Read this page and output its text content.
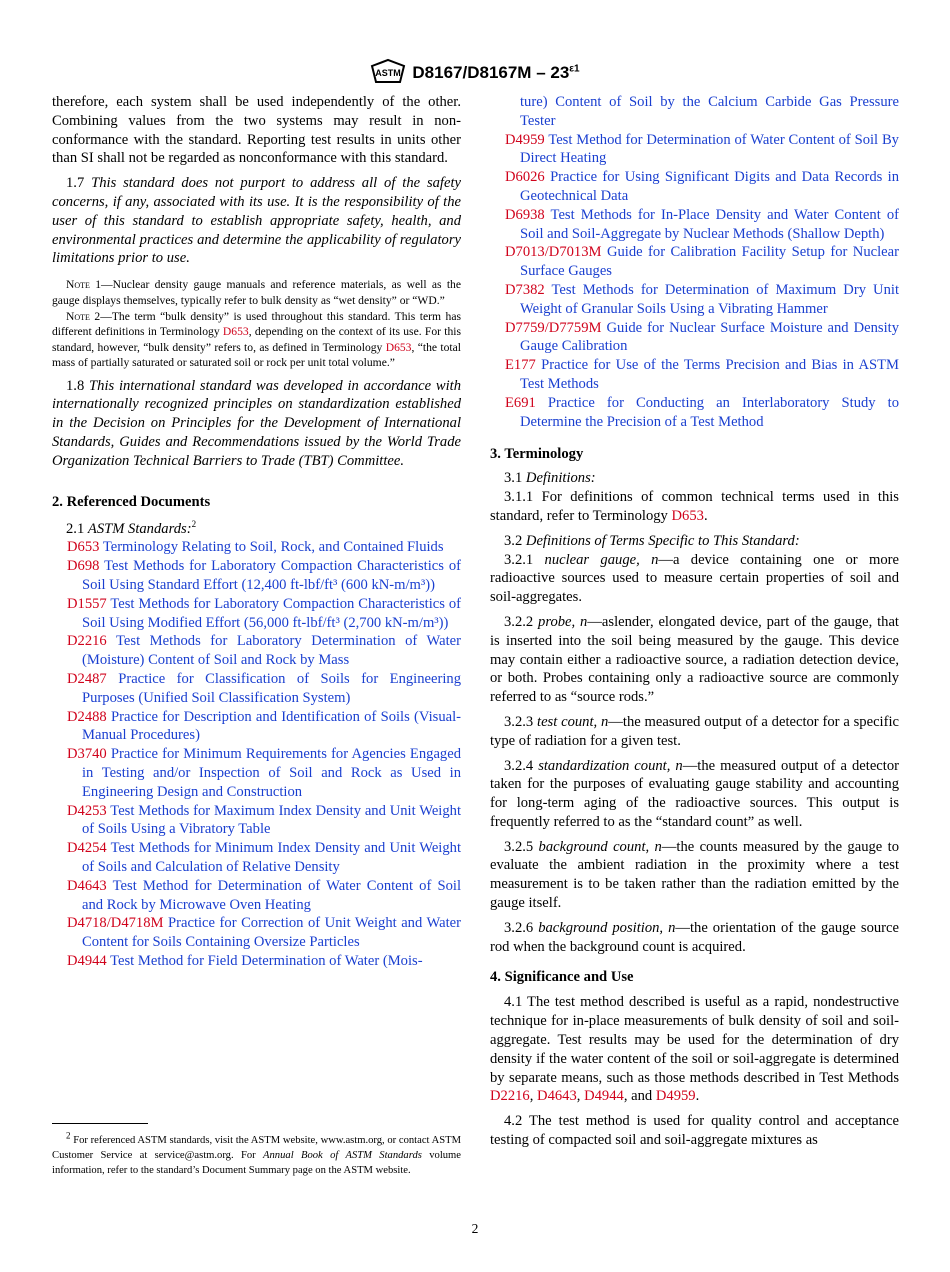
ASTM $D8167/D8167M - 23^{\varepsilon 1}$

therefore, each system shall be used independently of the other. Combining values from the two systems may result in non-conformance with the standard. Reporting test results in units other than SI shall not be regarded as nonconformance with this standard.

1.7 This standard does not purport to address all of the safety concerns, if any, associated with its use. It is the responsibility of the user of this standard to establish appropriate safety, health, and environmental practices and determine the applicability of regulatory limitations prior to use.

Note 1—Nuclear density gauge manuals and reference materials, as well as the gauge displays themselves, typically refer to bulk density as “wet density” or “WD.”

Note 2—The term “bulk density” is used throughout this standard. This term has different definitions in Terminology D653, depending on the context of its use. For this standard, however, “bulk density” refers to, as defined in Terminology D653, “the total mass of partially saturated or saturated soil or rock per unit total volume.”

1.8 This international standard was developed in accordance with internationally recognized principles on standardization established in the Decision on Principles for the Development of International Standards, Guides and Recommendations issued by the World Trade Organization Technical Barriers to Trade (TBT) Committee.

2. Referenced Documents

2.1 ASTM Standards:$^2$

D653 Terminology Relating to Soil, Rock, and Contained Fluids

D698 Test Methods for Laboratory Compaction Characteristics of Soil Using Standard Effort (12,400 ft-lbf/ft³ (600 kN-m/m³))

D1557 Test Methods for Laboratory Compaction Characteristics of Soil Using Modified Effort (56,000 ft-lbf/ft³ (2,700 kN-m/m³))

D2216 Test Methods for Laboratory Determination of Water (Moisture) Content of Soil and Rock by Mass

D2487 Practice for Classification of Soils for Engineering Purposes (Unified Soil Classification System)

D2488 Practice for Description and Identification of Soils (Visual-Manual Procedures)

D3740 Practice for Minimum Requirements for Agencies Engaged in Testing and/or Inspection of Soil and Rock as Used in Engineering Design and Construction

D4253 Test Methods for Maximum Index Density and Unit Weight of Soils Using a Vibratory Table

D4254 Test Methods for Minimum Index Density and Unit Weight of Soils and Calculation of Relative Density

D4643 Test Method for Determination of Water Content of Soil and Rock by Microwave Oven Heating

D4718/D4718M Practice for Correction of Unit Weight and Water Content for Soils Containing Oversize Particles

D4944 Test Method for Field Determination of Water (Mois-

$^2$ For referenced ASTM standards, visit the ASTM website, www.astm.org, or contact ASTM Customer Service at service@astm.org. For Annual Book of ASTM Standards volume information, refer to the standard’s Document Summary page on the ASTM website.

ture) Content of Soil by the Calcium Carbide Gas Pressure Tester

D4959 Test Method for Determination of Water Content of Soil By Direct Heating

D6026 Practice for Using Significant Digits and Data Records in Geotechnical Data

D6938 Test Methods for In-Place Density and Water Content of Soil and Soil-Aggregate by Nuclear Methods (Shallow Depth)

D7013/D7013M Guide for Calibration Facility Setup for Nuclear Surface Gauges

D7382 Test Methods for Determination of Maximum Dry Unit Weight of Granular Soils Using a Vibrating Hammer

D7759/D7759M Guide for Nuclear Surface Moisture and Density Gauge Calibration

E177 Practice for Use of the Terms Precision and Bias in ASTM Test Methods

E691 Practice for Conducting an Interlaboratory Study to Determine the Precision of a Test Method

3. Terminology

3.1 Definitions:

3.1.1 For definitions of common technical terms used in this standard, refer to Terminology D653.

3.2 Definitions of Terms Specific to This Standard:

3.2.1 nuclear gauge, n—a device containing one or more radioactive sources used to measure certain properties of soil and soil-aggregates.

3.2.2 probe, n—aslender, elongated device, part of the gauge, that is inserted into the soil being measured by the gauge. This device may contain either a radioactive source, a radiation detection device, or both. Probes containing only a radioactive source are commonly referred to as “source rods.”

3.2.3 test count, n—the measured output of a detector for a specific type of radiation for a given test.

3.2.4 standardization count, n—the measured output of a detector taken for the purposes of evaluating gauge stability and accounting for long-term aging of the radioactive sources. This output is frequently referred to as the “standard count” as well.

3.2.5 background count, n—the counts measured by the gauge to evaluate the ambient radiation in the proximity where a test measurement is to be taken rather than the radiation emitted by the gauge itself.

3.2.6 background position, n—the orientation of the gauge source rod when the background count is acquired.

4. Significance and Use

4.1 The test method described is useful as a rapid, nondestructive technique for in-place measurements of bulk density of soil and soil-aggregate. Test results may be used for the determination of dry density if the water content of the soil or soil-aggregate is determined by separate means, such as those methods described in Test Methods D2216, D4643, D4944, and D4959.

4.2 The test method is used for quality control and acceptance testing of compacted soil and soil-aggregate mixtures as

2
